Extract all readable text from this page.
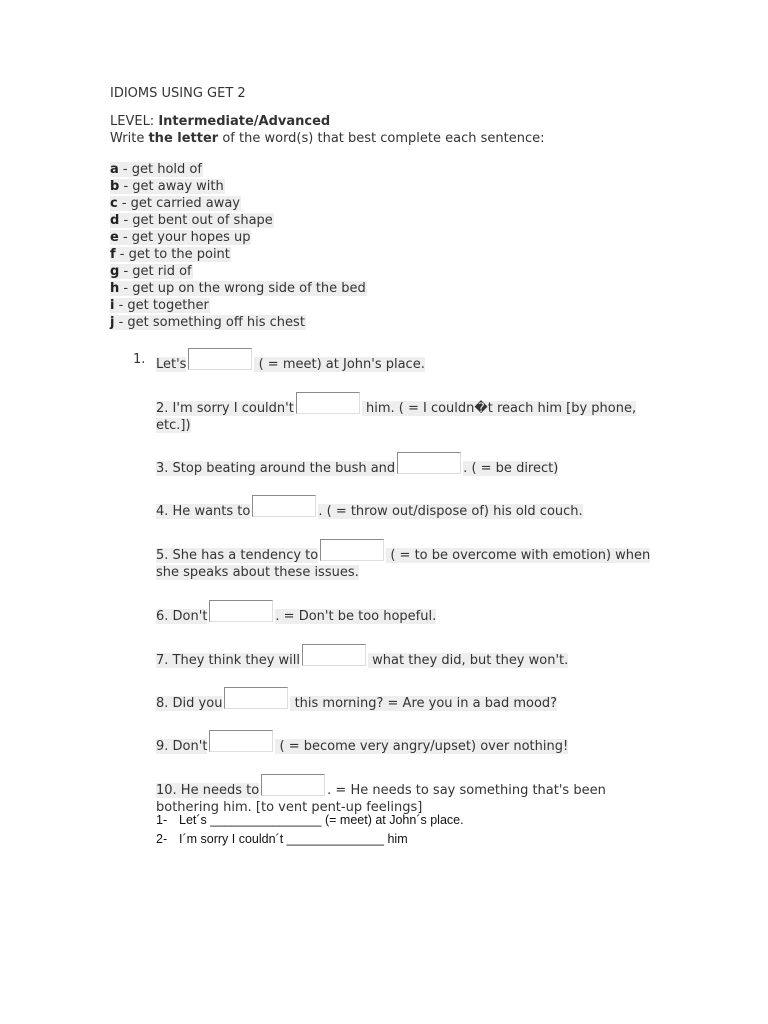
IDIOMS USING GET 2
LEVEL: Intermediate/Advanced
Write the letter of the word(s) that best complete each sentence:
a - get hold of
b - get away with
c - get carried away
d - get bent out of shape
e - get your hopes up
f - get to the point
g - get rid of
h - get up on the wrong side of the bed
i - get together
j - get something off his chest
1. Let's	( = meet) at John's place.
2. I'm sorry I couldn't	him. ( = I couldn�t reach him [by phone, etc.])
3. Stop beating around the bush and	. ( = be direct)
4. He wants to	. ( = throw out/dispose of) his old couch.
5. She has a tendency to	( = to be overcome with emotion) when she speaks about these issues.
6. Don't	. = Don't be too hopeful.
7. They think they will	what they did, but they won't.
8. Did you	this morning? = Are you in a bad mood?
9. Don't	( = become very angry/upset) over nothing!
10. He needs to	. = He needs to say something that's been bothering him. [to vent pent-up feelings]
1- Let´s ________________ (= meet) at John´s place.
2- I´m sorry I couldn´t ______________ him
